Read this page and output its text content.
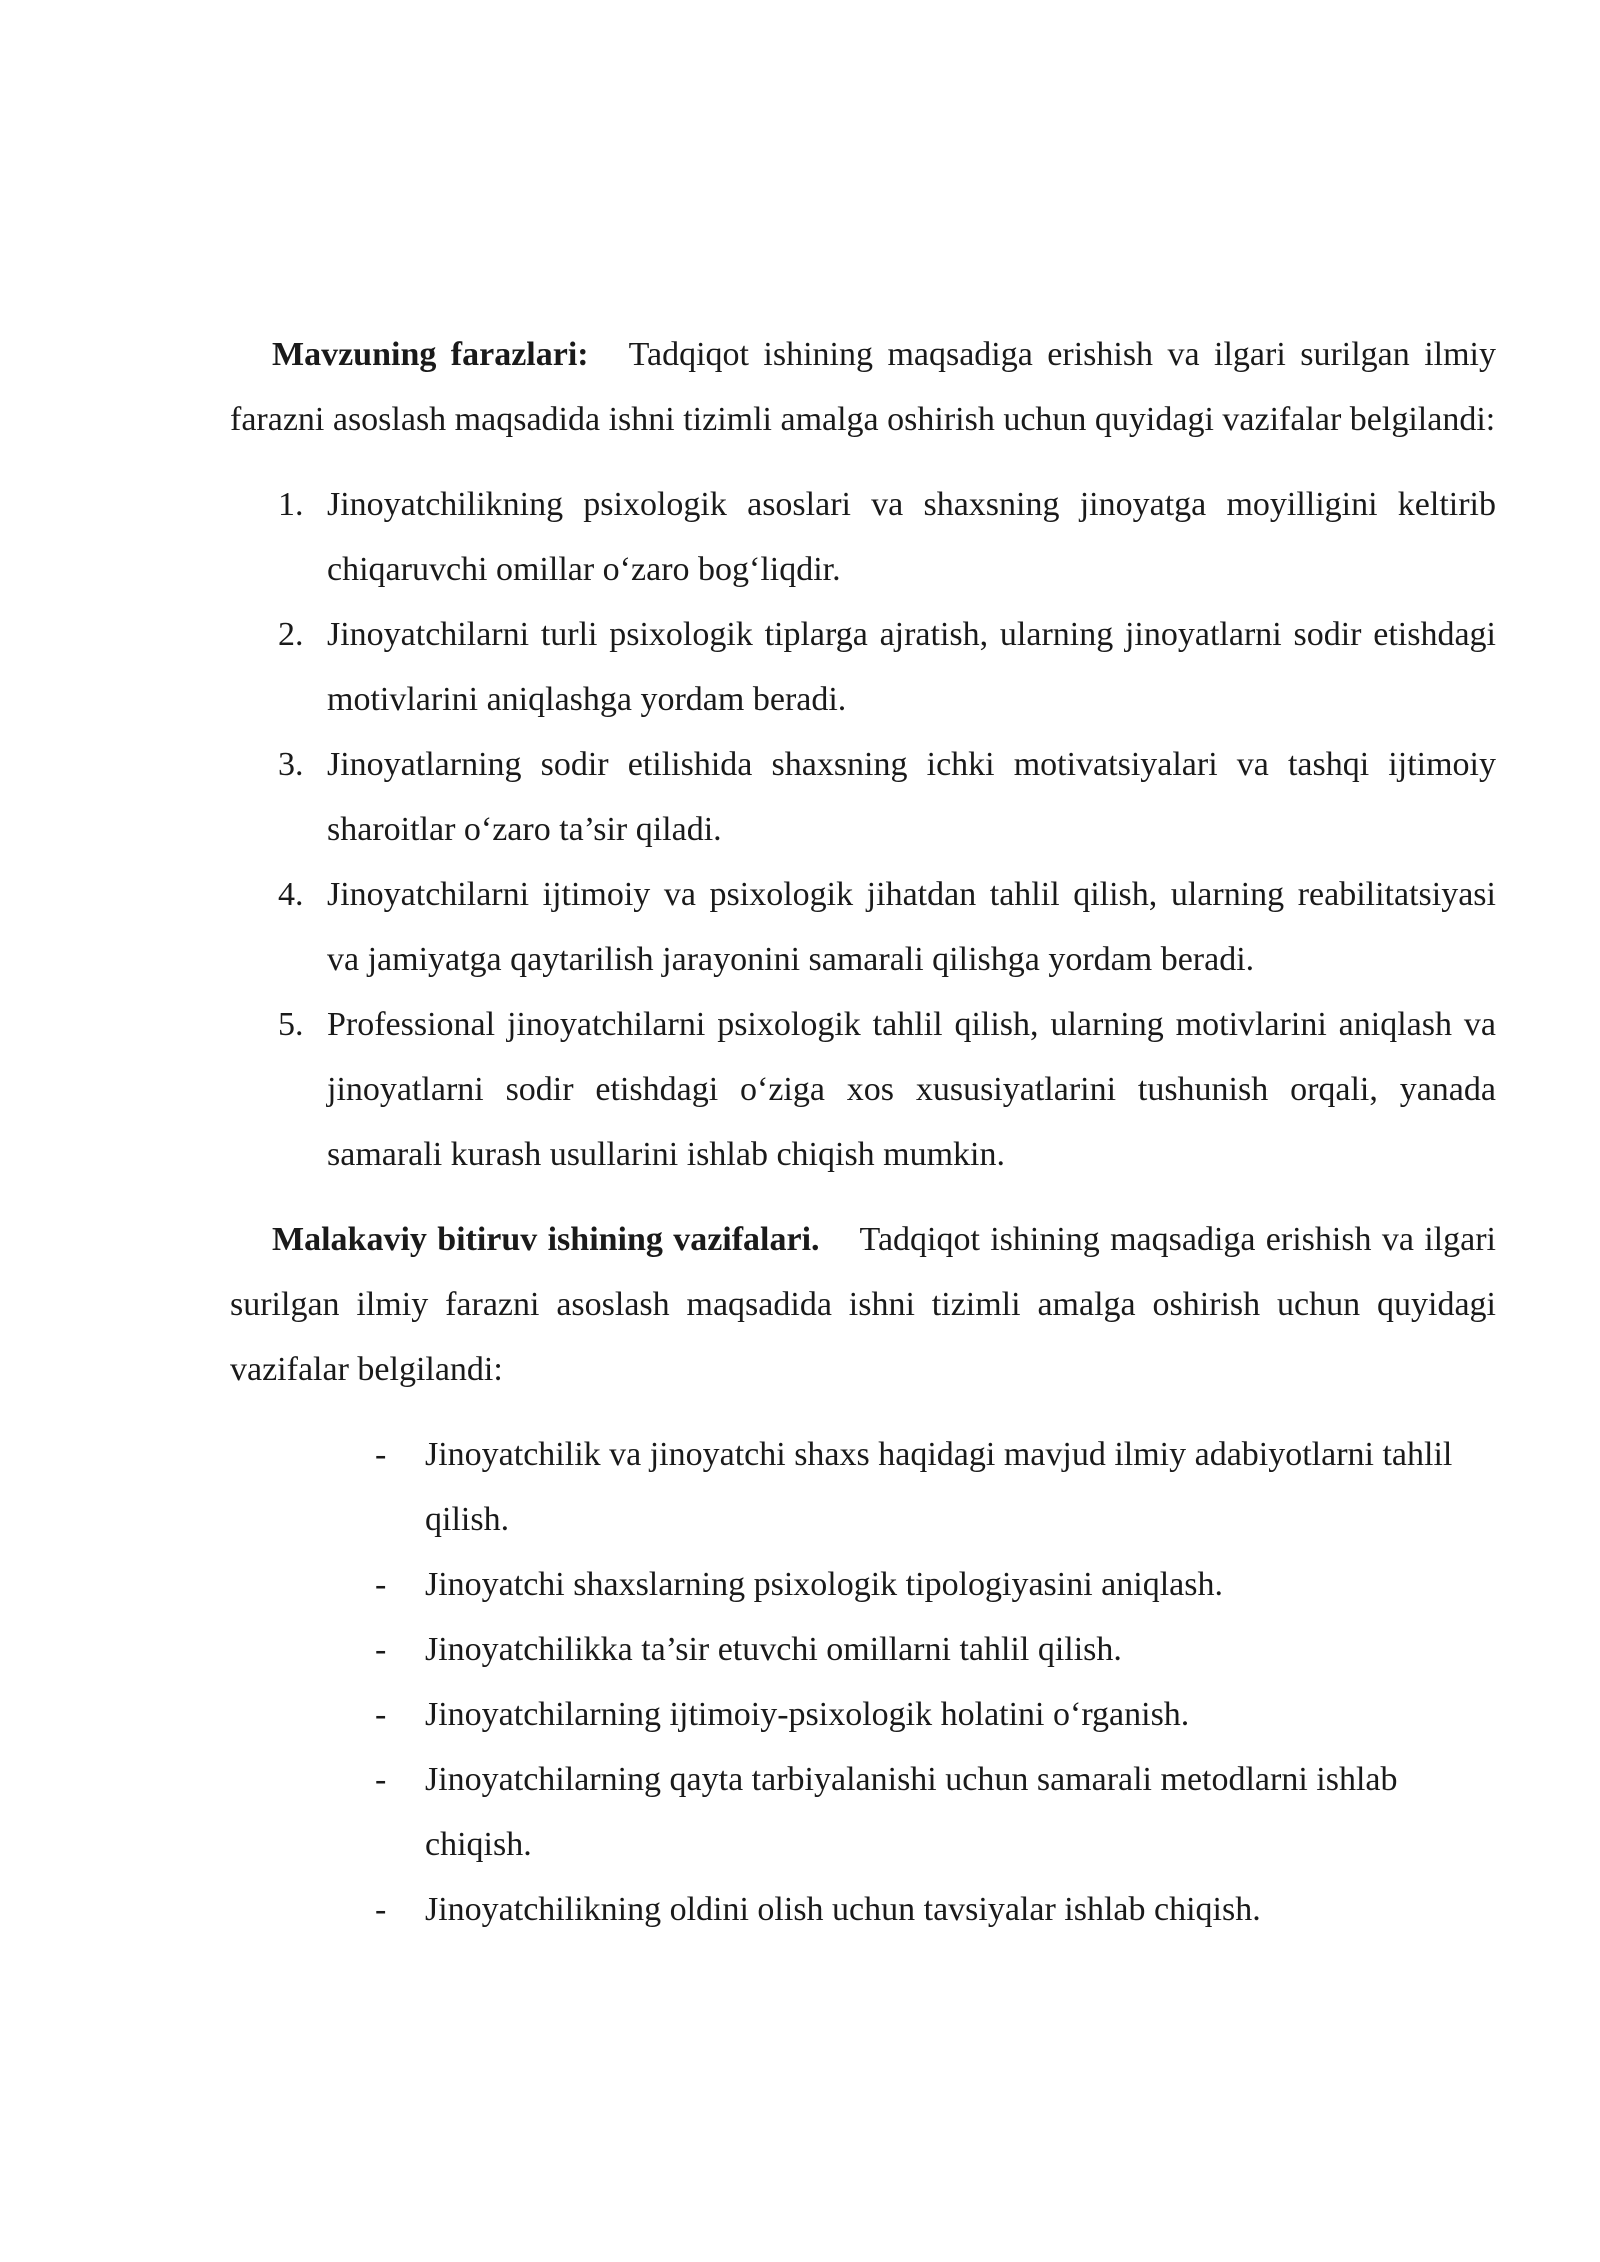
Mavzuning farazlari: Tadqiqot ishining maqsadiga erishish va ilgari surilgan ilmiy farazni asoslash maqsadida ishni tizimli amalga oshirish uchun quyidagi vazifalar belgilandi:

1. Jinoyatchilikning psixologik asoslari va shaxsning jinoyatga moyilligini keltirib chiqaruvchi omillar o‘zaro bog‘liqdir.
2. Jinoyatchilarni turli psixologik tiplarga ajratish, ularning jinoyatlarni sodir etishdagi motivlarini aniqlashga yordam beradi.
3. Jinoyatlarning sodir etilishida shaxsning ichki motivatsiyalari va tashqi ijtimoiy sharoitlar o‘zaro ta’sir qiladi.
4. Jinoyatchilarni ijtimoiy va psixologik jihatdan tahlil qilish, ularning reabilitatsiyasi va jamiyatga qaytarilish jarayonini samarali qilishga yordam beradi.
5. Professional jinoyatchilarni psixologik tahlil qilish, ularning motivlarini aniqlash va jinoyatlarni sodir etishdagi o‘ziga xos xususiyatlarini tushunish orqali, yanada samarali kurash usullarini ishlab chiqish mumkin.

Malakaviy bitiruv ishining vazifalari. Tadqiqot ishining maqsadiga erishish va ilgari surilgan ilmiy farazni asoslash maqsadida ishni tizimli amalga oshirish uchun quyidagi vazifalar belgilandi:

- Jinoyatchilik va jinoyatchi shaxs haqidagi mavjud ilmiy adabiyotlarni tahlil qilish.
- Jinoyatchi shaxslarning psixologik tipologiyasini aniqlash.
- Jinoyatchilikka ta’sir etuvchi omillarni tahlil qilish.
- Jinoyatchilarning ijtimoiy-psixologik holatini o‘rganish.
- Jinoyatchilarning qayta tarbiyalanishi uchun samarali metodlarni ishlab chiqish.
- Jinoyatchilikning oldini olish uchun tavsiyalar ishlab chiqish.
